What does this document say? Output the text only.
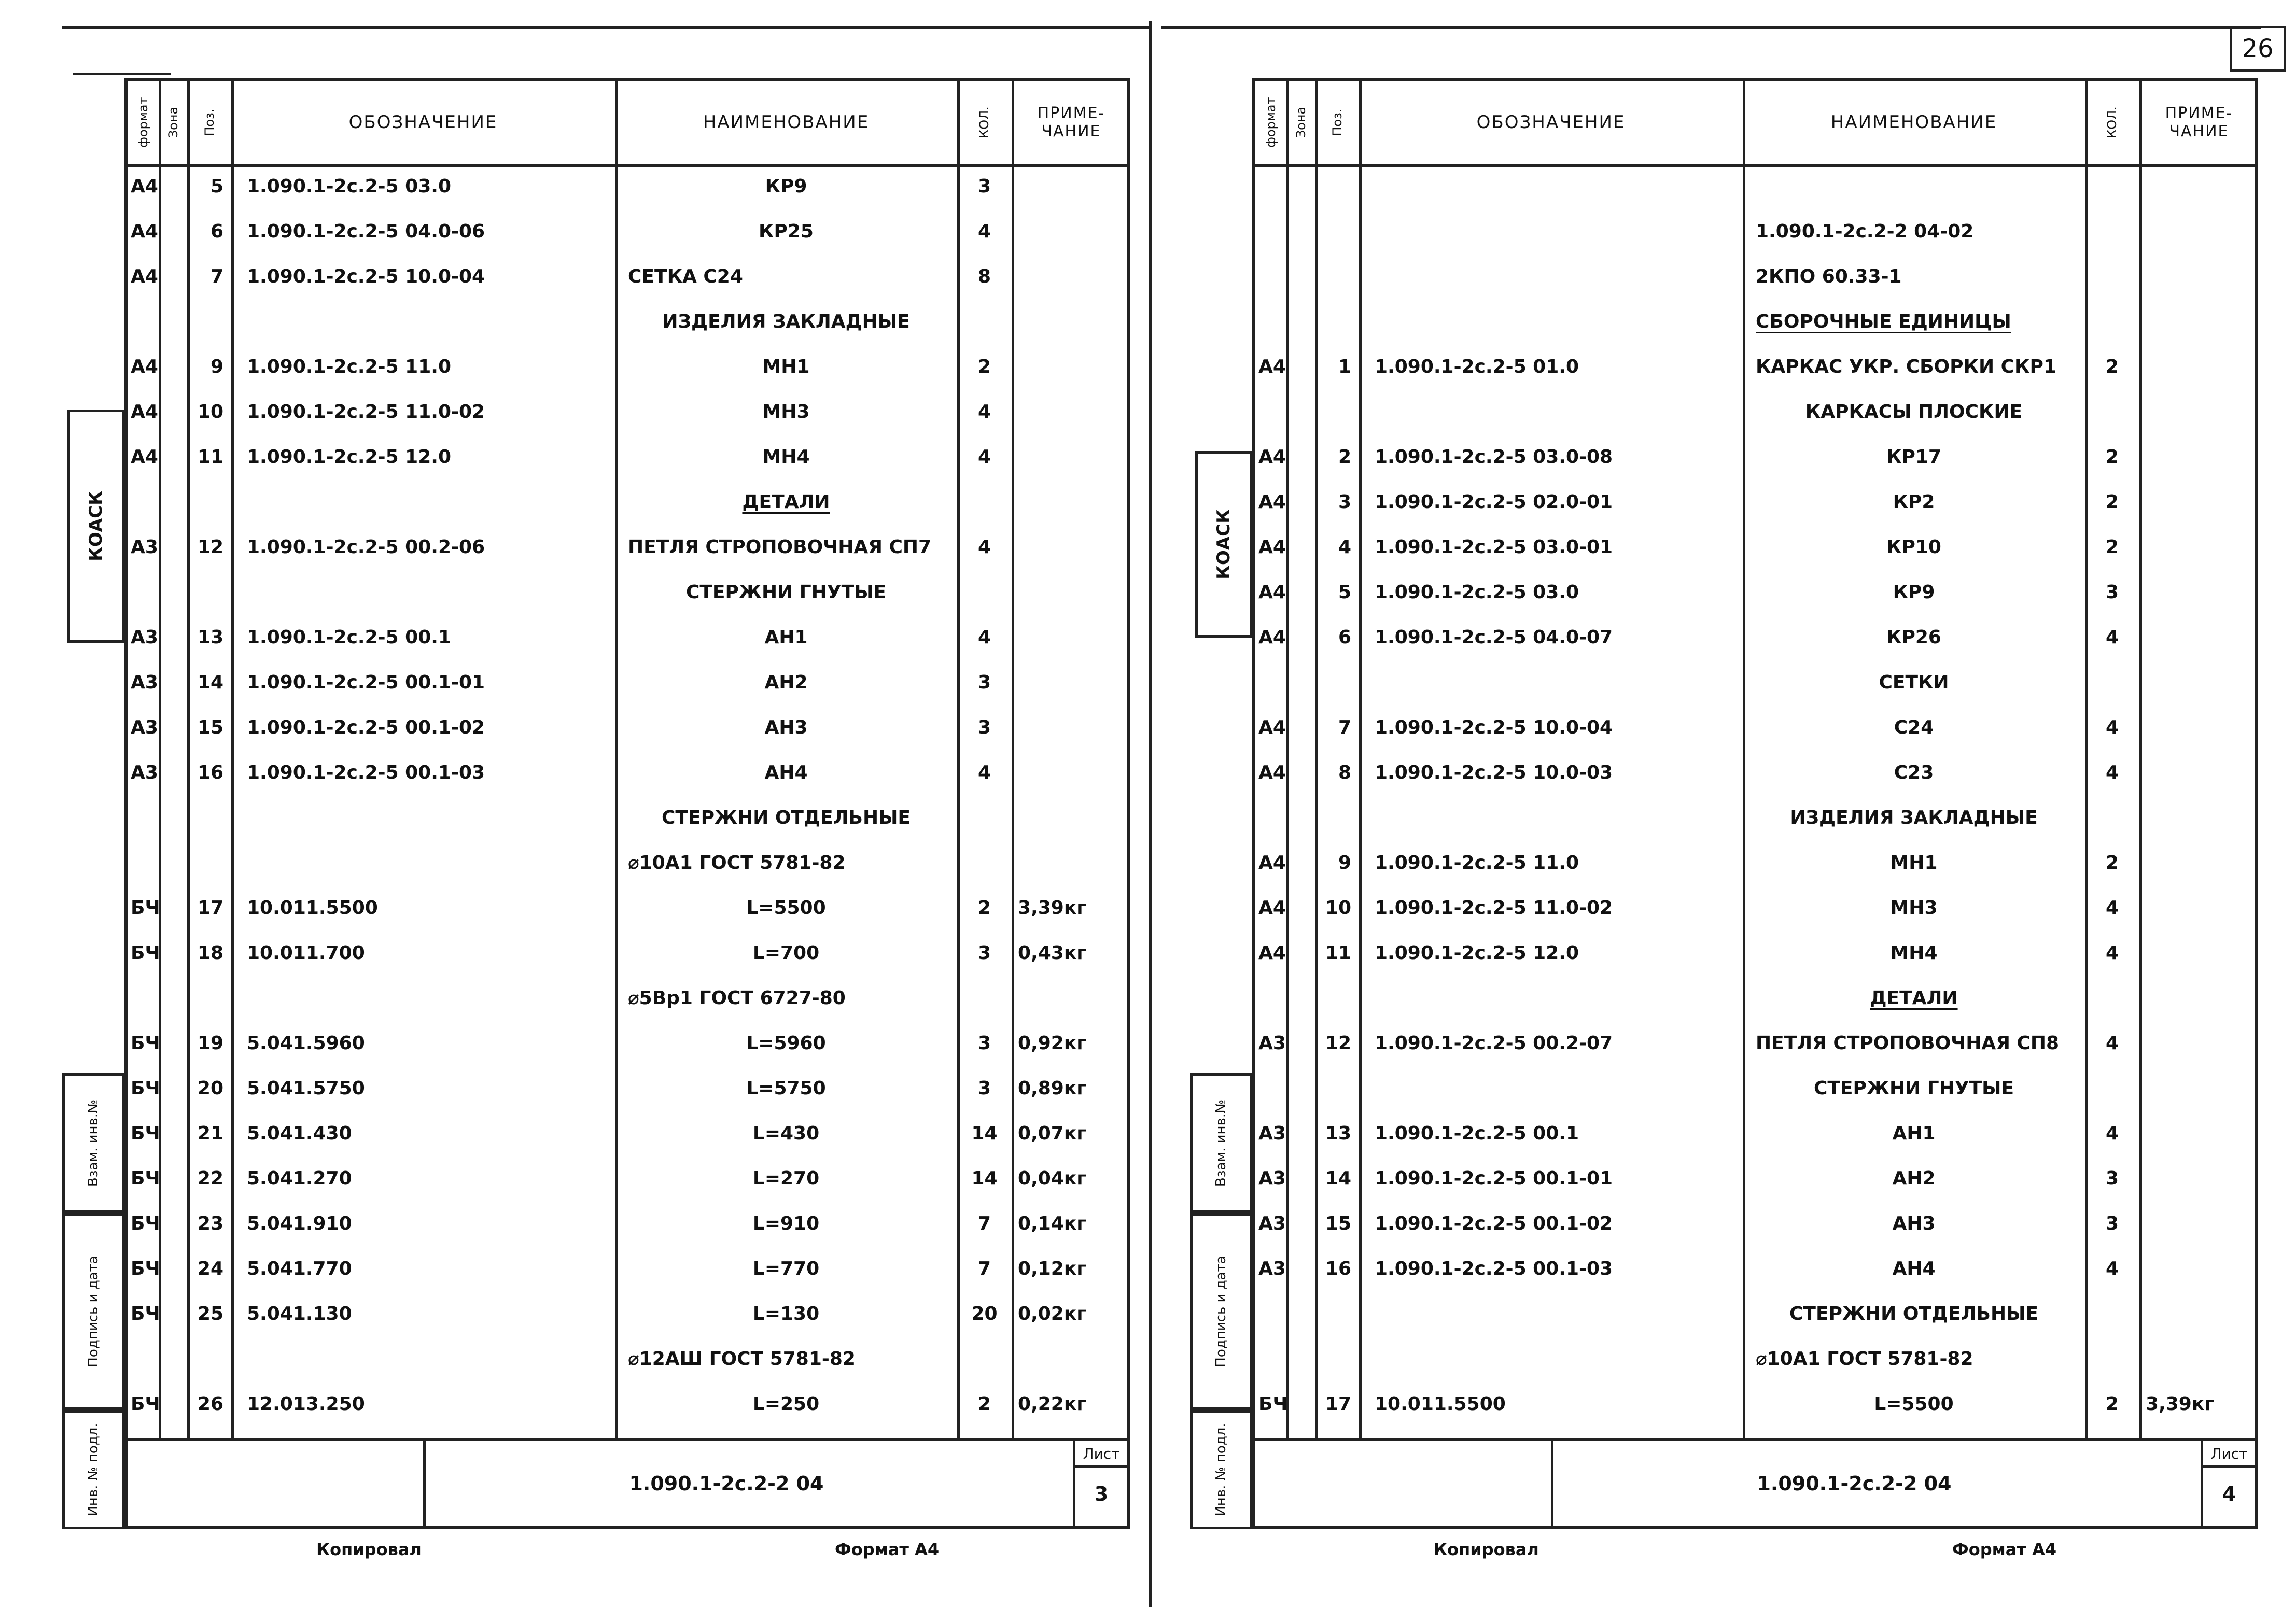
26
КОАСК
Взам. инв.№
Подпись и дата
Инв. № подл.
формат Зона Поз.	ОБОЗНАЧЕНИЕ	НАИМЕНОВАНИЕ	КОЛ.	ПРИМЕ-
ЧАНИЕ
А4	5	1.090.1-2с.2-5 03.0	КР9	3
А4	6	1.090.1-2с.2-5 04.0-06	КР25	4
А4	7	1.090.1-2с.2-5 10.0-04	СЕТКА С24	8
ИЗДЕЛИЯ ЗАКЛАДНЫЕ
А4	9	1.090.1-2с.2-5 11.0	МН1	2
А4 10	1.090.1-2с.2-5 11.0-02	МН3	4
А4 11	1.090.1-2с.2-5 12.0	МН4	4
ДЕТАЛИ
А3 12	1.090.1-2с.2-5 00.2-06	ПЕТЛЯ СТРОПОВОЧНАЯ СП7	4
СТЕРЖНИ ГНУТЫЕ
А3 13	1.090.1-2с.2-5 00.1	АН1	4
А3 14	1.090.1-2с.2-5 00.1-01	АН2	3
А3 15	1.090.1-2с.2-5 00.1-02	АН3	3
А3 16	1.090.1-2с.2-5 00.1-03	АН4	4
СТЕРЖНИ ОТДЕЛЬНЫЕ
⌀10А1 ГОСТ 5781-82
БЧ 17	10.011.5500	L=5500	2	3,39кг
БЧ 18	10.011.700	L=700	3	0,43кг
⌀5Вр1 ГОСТ 6727-80
БЧ 19	5.041.5960	L=5960	3	0,92кг
БЧ 20	5.041.5750	L=5750	3	0,89кг
БЧ 21	5.041.430	L=430	14	0,07кг
БЧ 22	5.041.270	L=270	14	0,04кг
БЧ 23	5.041.910	L=910	7	0,14кг
БЧ 24	5.041.770	L=770	7	0,12кг
БЧ 25	5.041.130	L=130	20	0,02кг
⌀12АШ ГОСТ 5781-82
БЧ 26	12.013.250	L=250	2	0,22кг
1.090.1-2с.2-2 04
Лист
3
Копировал	Формат А4
КОАСК
Взам. инв.№
Подпись и дата
Инв. № подл.
формат Зона Поз.	ОБОЗНАЧЕНИЕ	НАИМЕНОВАНИЕ	КОЛ.	ПРИМЕ-
ЧАНИЕ
1.090.1-2с.2-2 04-02
2КПО 60.33-1
СБОРОЧНЫЕ ЕДИНИЦЫ
А4	1	1.090.1-2с.2-5 01.0	КАРКАС УКР. СБОРКИ СКР1	2
КАРКАСЫ ПЛОСКИЕ
А4	2	1.090.1-2с.2-5 03.0-08	КР17	2
А4	3	1.090.1-2с.2-5 02.0-01	КР2	2
А4	4	1.090.1-2с.2-5 03.0-01	КР10	2
А4	5	1.090.1-2с.2-5 03.0	КР9	3
А4	6	1.090.1-2с.2-5 04.0-07	КР26	4
СЕТКИ
А4	7	1.090.1-2с.2-5 10.0-04	С24	4
А4	8	1.090.1-2с.2-5 10.0-03	С23	4
ИЗДЕЛИЯ ЗАКЛАДНЫЕ
А4	9	1.090.1-2с.2-5 11.0	МН1	2
А4 10	1.090.1-2с.2-5 11.0-02	МН3	4
А4 11	1.090.1-2с.2-5 12.0	МН4	4
ДЕТАЛИ
А3 12	1.090.1-2с.2-5 00.2-07	ПЕТЛЯ СТРОПОВОЧНАЯ СП8	4
СТЕРЖНИ ГНУТЫЕ
А3 13	1.090.1-2с.2-5 00.1	АН1	4
А3 14	1.090.1-2с.2-5 00.1-01	АН2	3
А3 15	1.090.1-2с.2-5 00.1-02	АН3	3
А3 16	1.090.1-2с.2-5 00.1-03	АН4	4
СТЕРЖНИ ОТДЕЛЬНЫЕ
⌀10А1 ГОСТ 5781-82
БЧ 17	10.011.5500	L=5500	2	3,39кг
1.090.1-2с.2-2 04
Лист
4
Копировал	Формат А4
